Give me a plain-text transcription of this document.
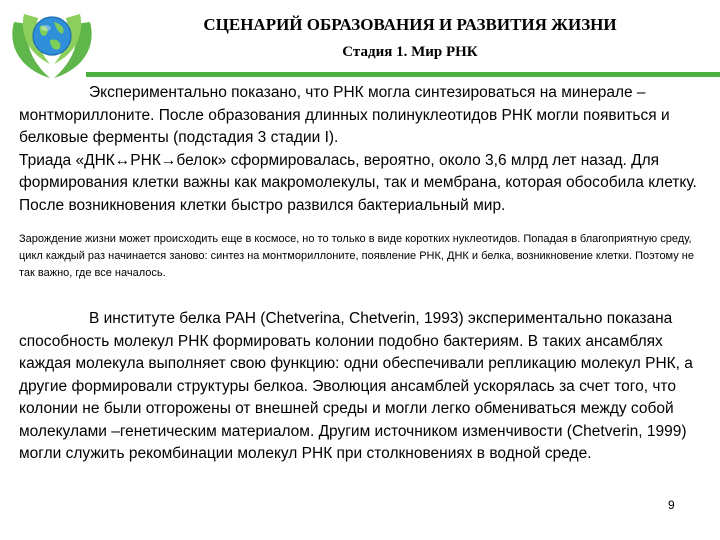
СЦЕНАРИЙ ОБРАЗОВАНИЯ И РАЗВИТИЯ ЖИЗНИ
Стадия 1. Мир РНК

Экспериментально показано, что РНК могла синтезироваться на минерале – монтмориллоните. После образования длинных полинуклеотидов РНК могли появиться и белковые ферменты (подстадия 3 стадии I).

Триада «ДНК↔РНК→белок» сформировалась, вероятно, около 3,6 млрд лет назад. Для формирования клетки важны как макромолекулы, так и мембрана, которая обособила клетку. После возникновения клетки быстро развился бактериальный мир.

Зарождение жизни может происходить еще в космосе, но то только в виде коротких нуклеотидов. Попадая в благоприятную среду, цикл каждый раз начинается заново: синтез на монтмориллоните, появление РНК, ДНК и белка, возникновение клетки. Поэтому не так важно, где все началось.

В институте белка РАН (Chetverina, Chetverin, 1993) экспериментально показана способность молекул РНК формировать колонии подобно бактериям. В таких ансамблях каждая молекула выполняет свою функцию: одни обеспечивали репликацию молекул РНК, а другие формировали структуры белкоа. Эволюция ансамблей ускорялась за счет того, что колонии не были отгорожены от внешней среды и могли легко обмениваться между собой молекулами –генетическим материалом. Другим источником изменчивости (Chetverin, 1999) могли служить рекомбинации молекул РНК при столкновениях в водной среде.

9
